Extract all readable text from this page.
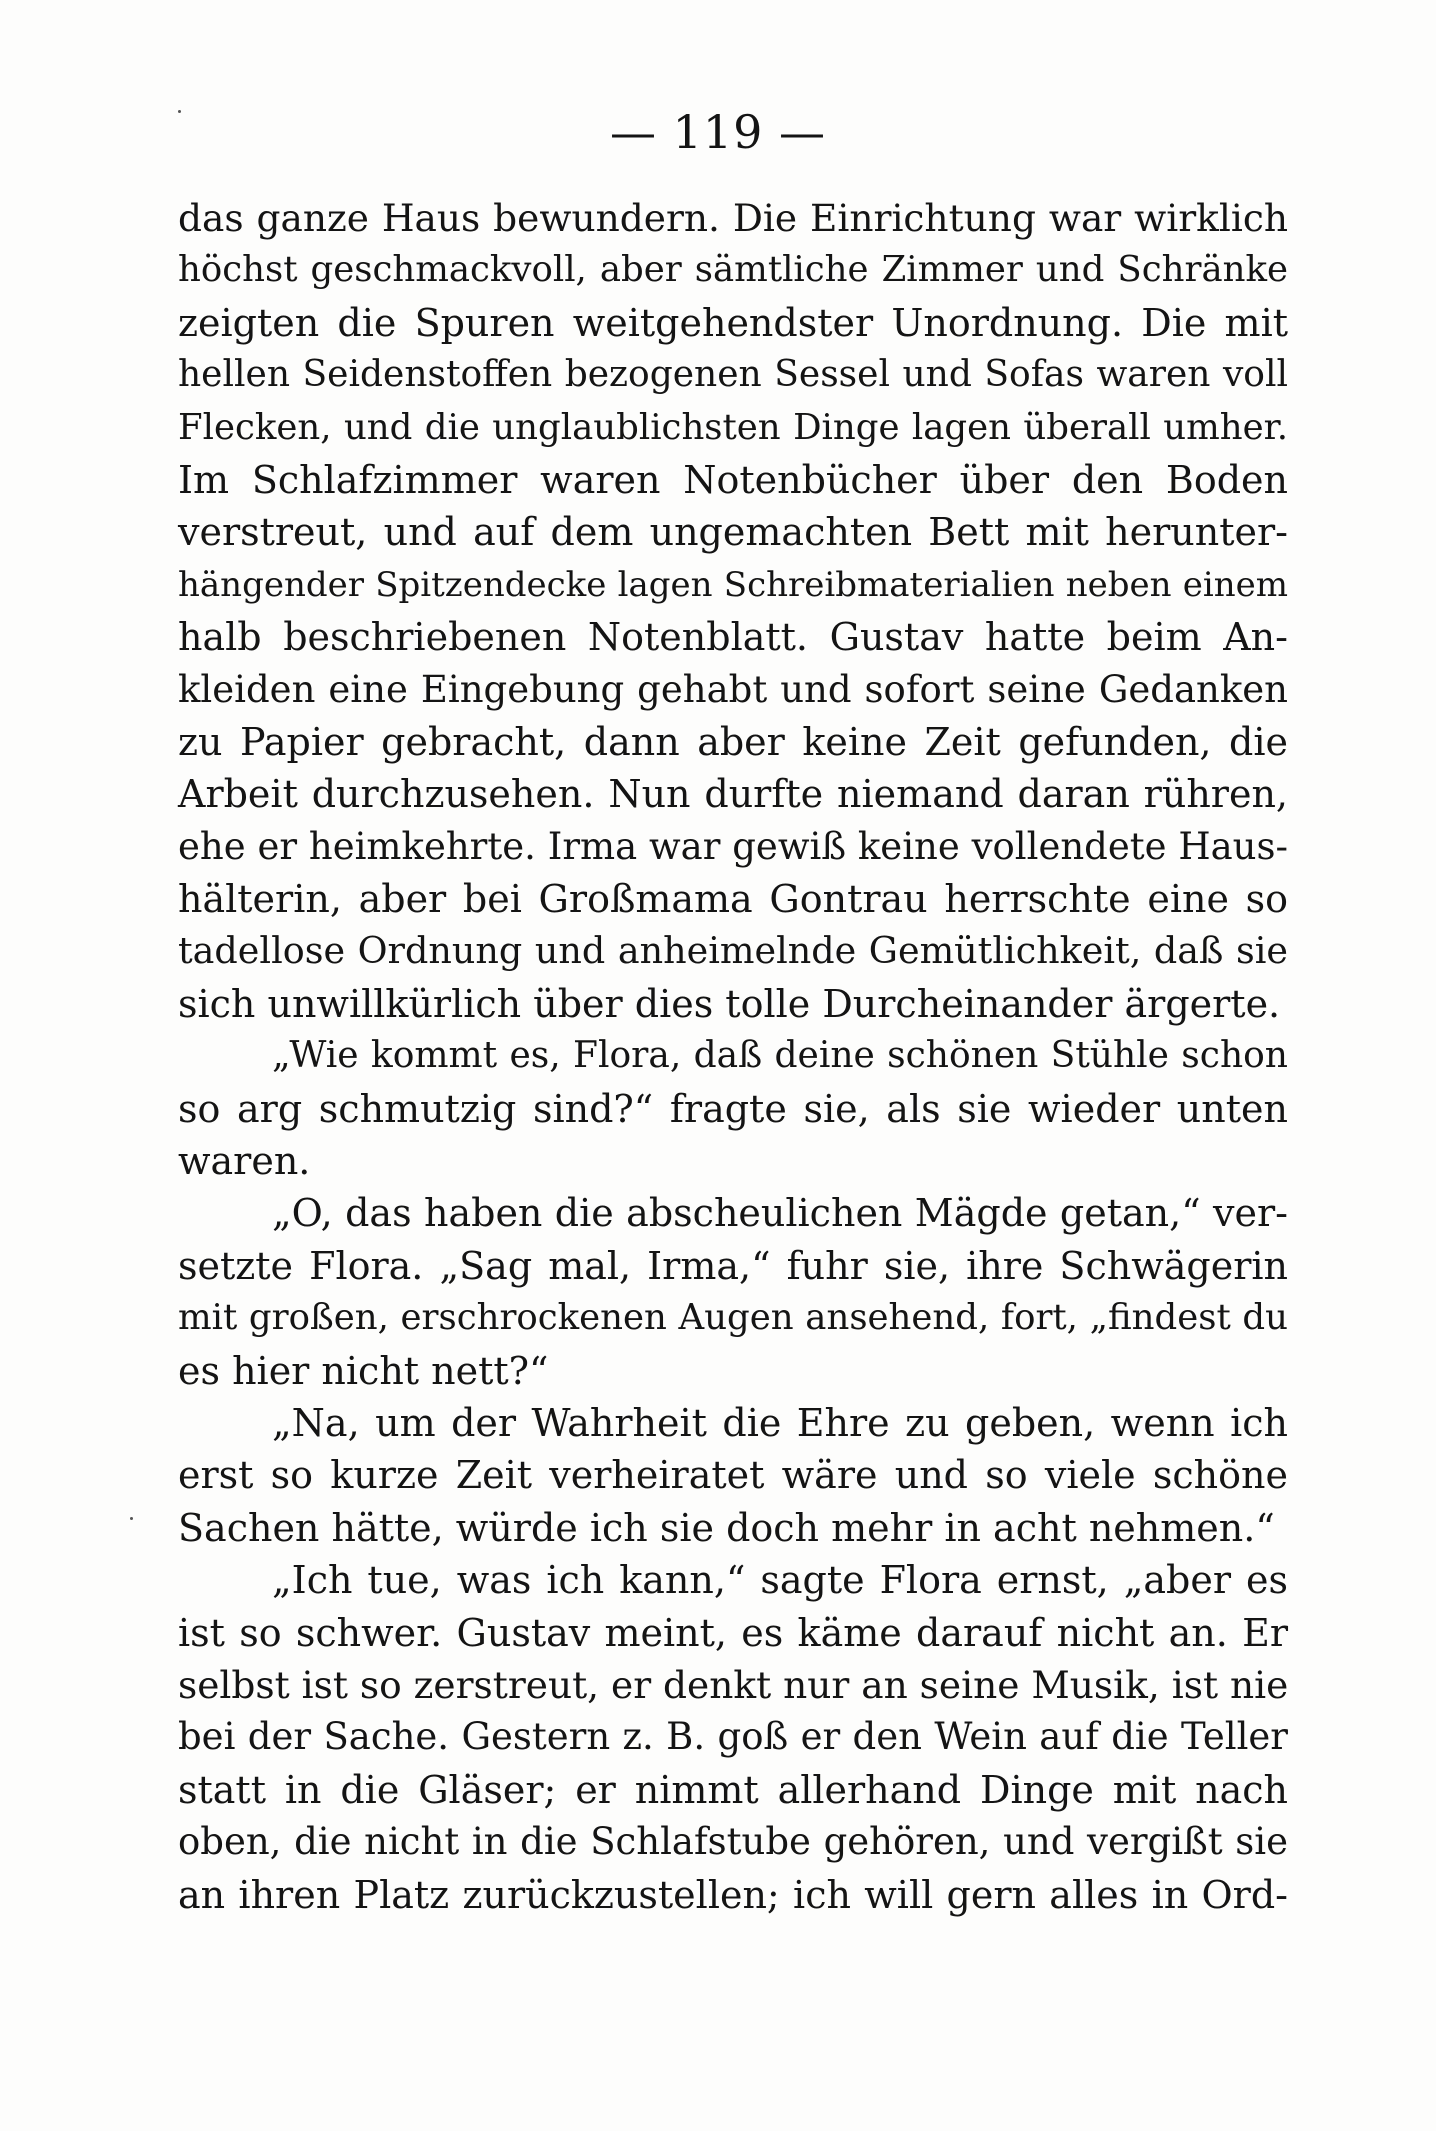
— 119 —
das ganze Haus bewundern. Die Einrichtung war wirklich
höchst geschmackvoll, aber sämtliche Zimmer und Schränke
zeigten die Spuren weitgehendster Unordnung. Die mit
hellen Seidenstoffen bezogenen Sessel und Sofas waren voll
Flecken, und die unglaublichsten Dinge lagen überall umher.
Im Schlafzimmer waren Notenbücher über den Boden
verstreut, und auf dem ungemachten Bett mit herunter-
hängender Spitzendecke lagen Schreibmaterialien neben einem
halb beschriebenen Notenblatt. Gustav hatte beim An-
kleiden eine Eingebung gehabt und sofort seine Gedanken
zu Papier gebracht, dann aber keine Zeit gefunden, die
Arbeit durchzusehen. Nun durfte niemand daran rühren,
ehe er heimkehrte. Irma war gewiß keine vollendete Haus-
hälterin, aber bei Großmama Gontrau herrschte eine so
tadellose Ordnung und anheimelnde Gemütlichkeit, daß sie
sich unwillkürlich über dies tolle Durcheinander ärgerte.
„Wie kommt es, Flora, daß deine schönen Stühle schon
so arg schmutzig sind?“ fragte sie, als sie wieder unten
waren.
„O, das haben die abscheulichen Mägde getan,“ ver-
setzte Flora. „Sag mal, Irma,“ fuhr sie, ihre Schwägerin
mit großen, erschrockenen Augen ansehend, fort, „findest du
es hier nicht nett?“
„Na, um der Wahrheit die Ehre zu geben, wenn ich
erst so kurze Zeit verheiratet wäre und so viele schöne
Sachen hätte, würde ich sie doch mehr in acht nehmen.“
„Ich tue, was ich kann,“ sagte Flora ernst, „aber es
ist so schwer. Gustav meint, es käme darauf nicht an. Er
selbst ist so zerstreut, er denkt nur an seine Musik, ist nie
bei der Sache. Gestern z. B. goß er den Wein auf die Teller
statt in die Gläser; er nimmt allerhand Dinge mit nach
oben, die nicht in die Schlafstube gehören, und vergißt sie
an ihren Platz zurückzustellen; ich will gern alles in Ord-
